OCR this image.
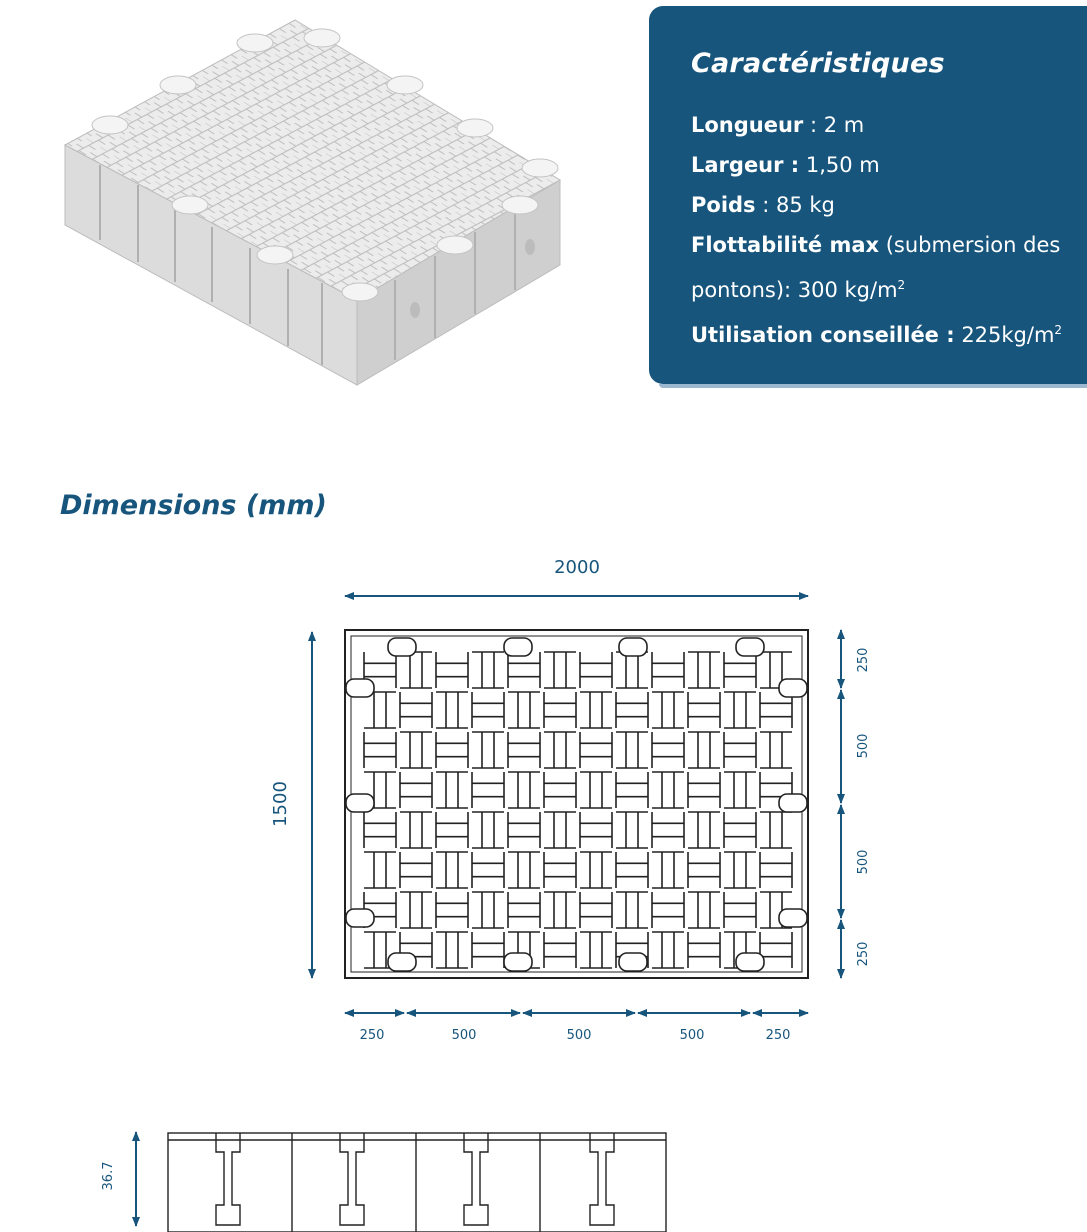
Caractéristiques
Longueur : 2 m
Largeur : 1,50 m
Poids : 85 kg
Flottabilité max (submersion des
pontons): 300 $kg/m^2$
Utilisation conseillée : $225kg/m^2$
Dimensions (mm)
2000
1500
250
500
500
250
250	500	500	500	250
36.7
